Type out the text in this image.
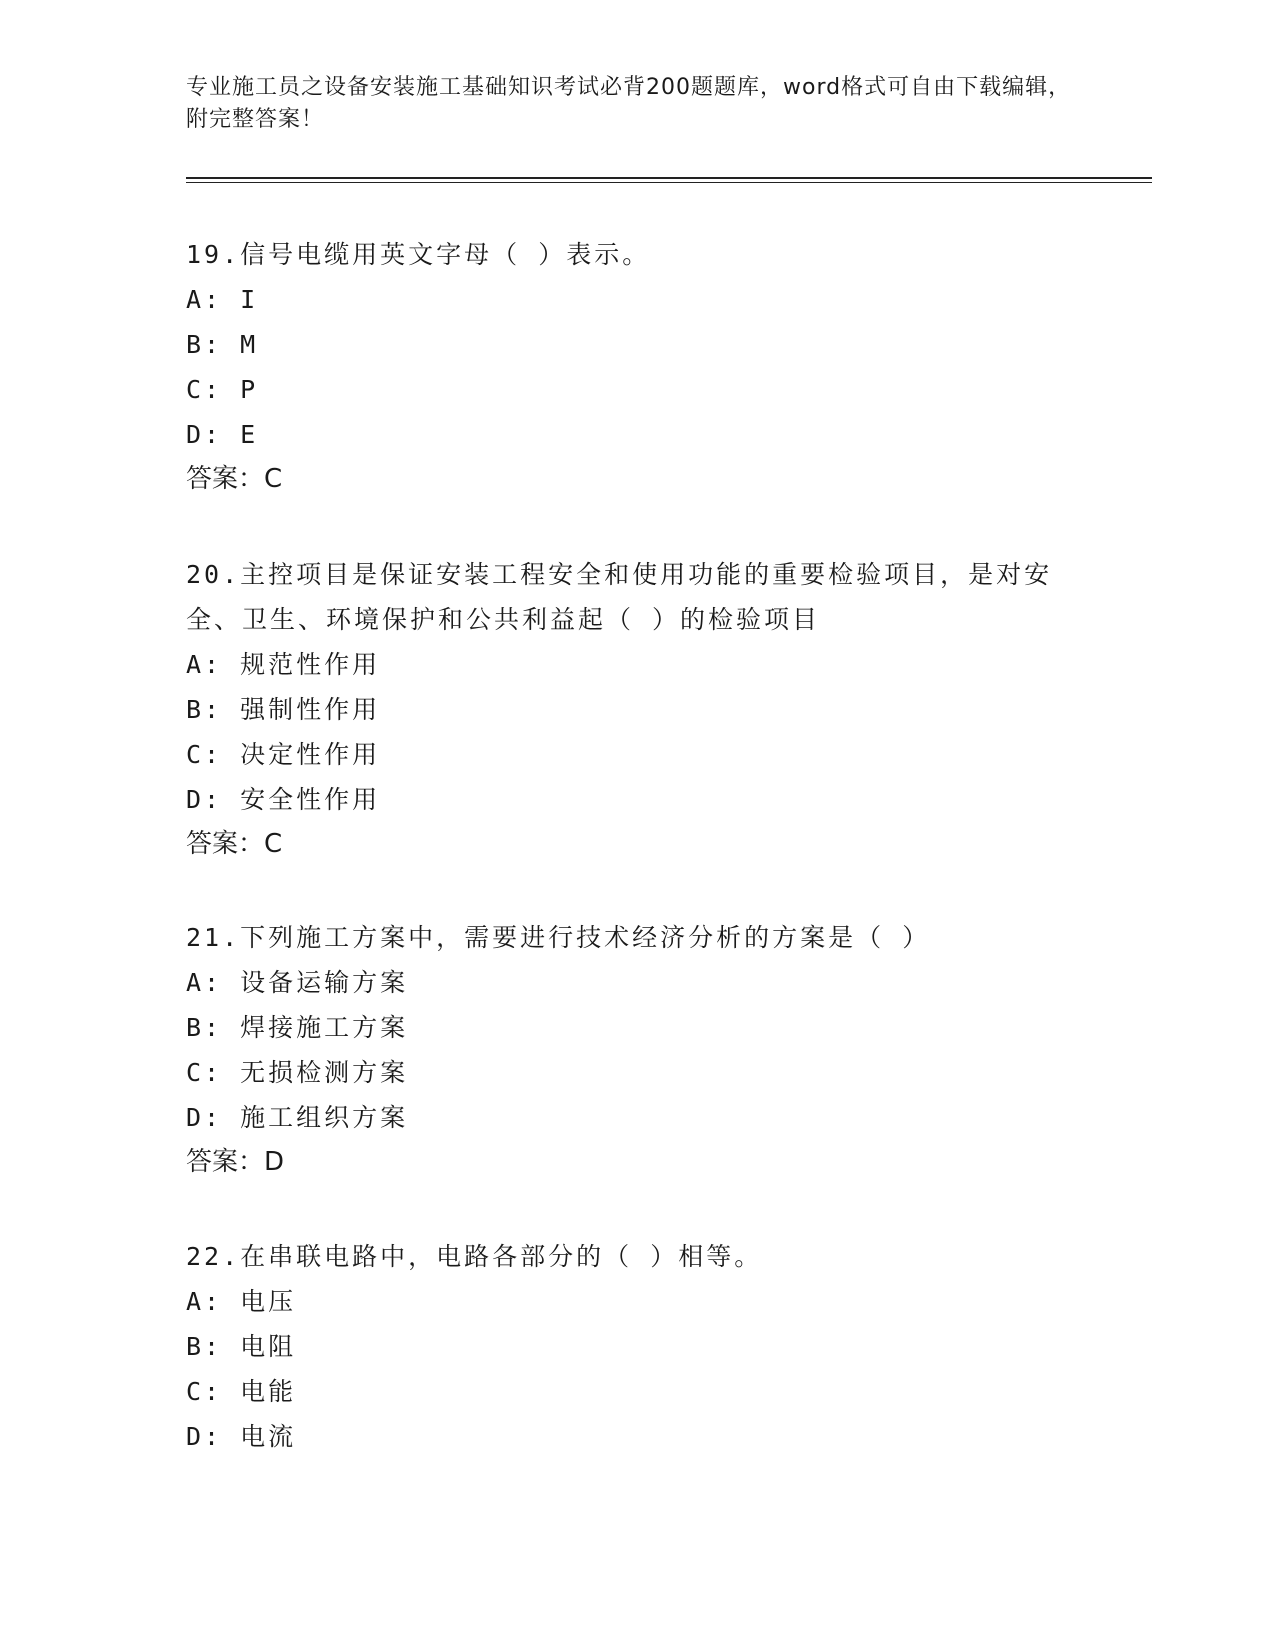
专业施工员之设备安装施工基础知识考试必背200题题库，word格式可自由下载编辑，附完整答案！

19.信号电缆用英文字母（ ）表示。

A: I

B: M

C: P

D: E

答案：C

20.主控项目是保证安装工程安全和使用功能的重要检验项目，是对安全、卫生、环境保护和公共利益起（ ）的检验项目

A: 规范性作用

B: 强制性作用

C: 决定性作用

D: 安全性作用

答案：C

21.下列施工方案中，需要进行技术经济分析的方案是（ ）

A: 设备运输方案

B: 焊接施工方案

C: 无损检测方案

D: 施工组织方案

答案：D

22.在串联电路中，电路各部分的（ ）相等。

A: 电压

B: 电阻

C: 电能

D: 电流
